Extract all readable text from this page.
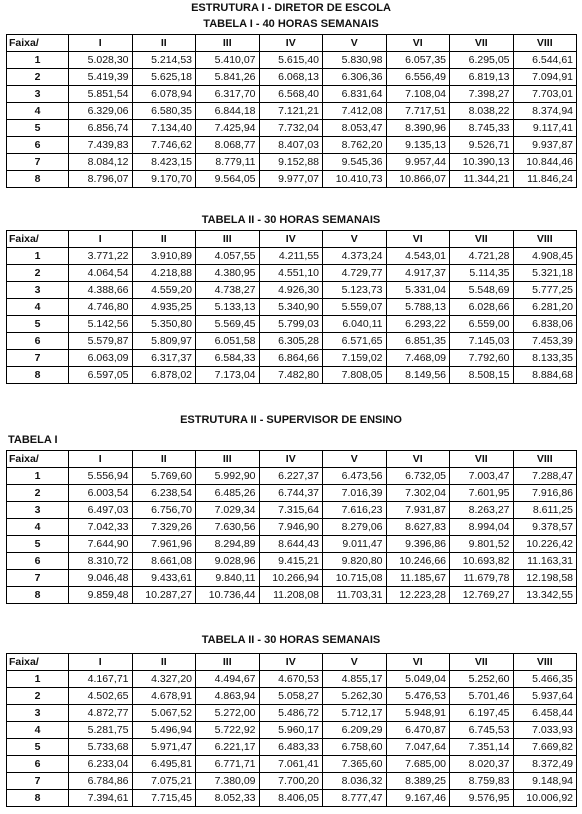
ESTRUTURA I - DIRETOR DE ESCOLA
TABELA I - 40 HORAS SEMANAIS
Faixa/	I	II	III	IV	V	VI	VII	VIII
1	5.028,30	5.214,53	5.410,07	5.615,40	5.830,98	6.057,35	6.295,05	6.544,61
2	5.419,39	5.625,18	5.841,26	6.068,13	6.306,36	6.556,49	6.819,13	7.094,91
3	5.851,54	6.078,94	6.317,70	6.568,40	6.831,64	7.108,04	7.398,27	7.703,01
4	6.329,06	6.580,35	6.844,18	7.121,21	7.412,08	7.717,51	8.038,22	8.374,94
5	6.856,74	7.134,40	7.425,94	7.732,04	8.053,47	8.390,96	8.745,33	9.117,41
6	7.439,83	7.746,62	8.068,77	8.407,03	8.762,20	9.135,13	9.526,71	9.937,87
7	8.084,12	8.423,15	8.779,11	9.152,88	9.545,36	9.957,44	10.390,13	10.844,46
8	8.796,07	9.170,70	9.564,05	9.977,07	10.410,73	10.866,07	11.344,21	11.846,24
TABELA II - 30 HORAS SEMANAIS
Faixa/	I	II	III	IV	V	VI	VII	VIII
1	3.771,22	3.910,89	4.057,55	4.211,55	4.373,24	4.543,01	4.721,28	4.908,45
2	4.064,54	4.218,88	4.380,95	4.551,10	4.729,77	4.917,37	5.114,35	5.321,18
3	4.388,66	4.559,20	4.738,27	4.926,30	5.123,73	5.331,04	5.548,69	5.777,25
4	4.746,80	4.935,25	5.133,13	5.340,90	5.559,07	5.788,13	6.028,66	6.281,20
5	5.142,56	5.350,80	5.569,45	5.799,03	6.040,11	6.293,22	6.559,00	6.838,06
6	5.579,87	5.809,97	6.051,58	6.305,28	6.571,65	6.851,35	7.145,03	7.453,39
7	6.063,09	6.317,37	6.584,33	6.864,66	7.159,02	7.468,09	7.792,60	8.133,35
8	6.597,05	6.878,02	7.173,04	7.482,80	7.808,05	8.149,56	8.508,15	8.884,68
ESTRUTURA II - SUPERVISOR DE ENSINO
TABELA I
Faixa/	I	II	III	IV	V	VI	VII	VIII
1	5.556,94	5.769,60	5.992,90	6.227,37	6.473,56	6.732,05	7.003,47	7.288,47
2	6.003,54	6.238,54	6.485,26	6.744,37	7.016,39	7.302,04	7.601,95	7.916,86
3	6.497,03	6.756,70	7.029,34	7.315,64	7.616,23	7.931,87	8.263,27	8.611,25
4	7.042,33	7.329,26	7.630,56	7.946,90	8.279,06	8.627,83	8.994,04	9.378,57
5	7.644,90	7.961,96	8.294,89	8.644,43	9.011,47	9.396,86	9.801,52	10.226,42
6	8.310,72	8.661,08	9.028,96	9.415,21	9.820,80	10.246,66	10.693,82	11.163,31
7	9.046,48	9.433,61	9.840,11	10.266,94	10.715,08	11.185,67	11.679,78	12.198,58
8	9.859,48	10.287,27	10.736,44	11.208,08	11.703,31	12.223,28	12.769,27	13.342,55
TABELA II - 30 HORAS SEMANAIS
Faixa/	I	II	III	IV	V	VI	VII	VIII
1	4.167,71	4.327,20	4.494,67	4.670,53	4.855,17	5.049,04	5.252,60	5.466,35
2	4.502,65	4.678,91	4.863,94	5.058,27	5.262,30	5.476,53	5.701,46	5.937,64
3	4.872,77	5.067,52	5.272,00	5.486,72	5.712,17	5.948,91	6.197,45	6.458,44
4	5.281,75	5.496,94	5.722,92	5.960,17	6.209,29	6.470,87	6.745,53	7.033,93
5	5.733,68	5.971,47	6.221,17	6.483,33	6.758,60	7.047,64	7.351,14	7.669,82
6	6.233,04	6.495,81	6.771,71	7.061,41	7.365,60	7.685,00	8.020,37	8.372,49
7	6.784,86	7.075,21	7.380,09	7.700,20	8.036,32	8.389,25	8.759,83	9.148,94
8	7.394,61	7.715,45	8.052,33	8.406,05	8.777,47	9.167,46	9.576,95	10.006,92
